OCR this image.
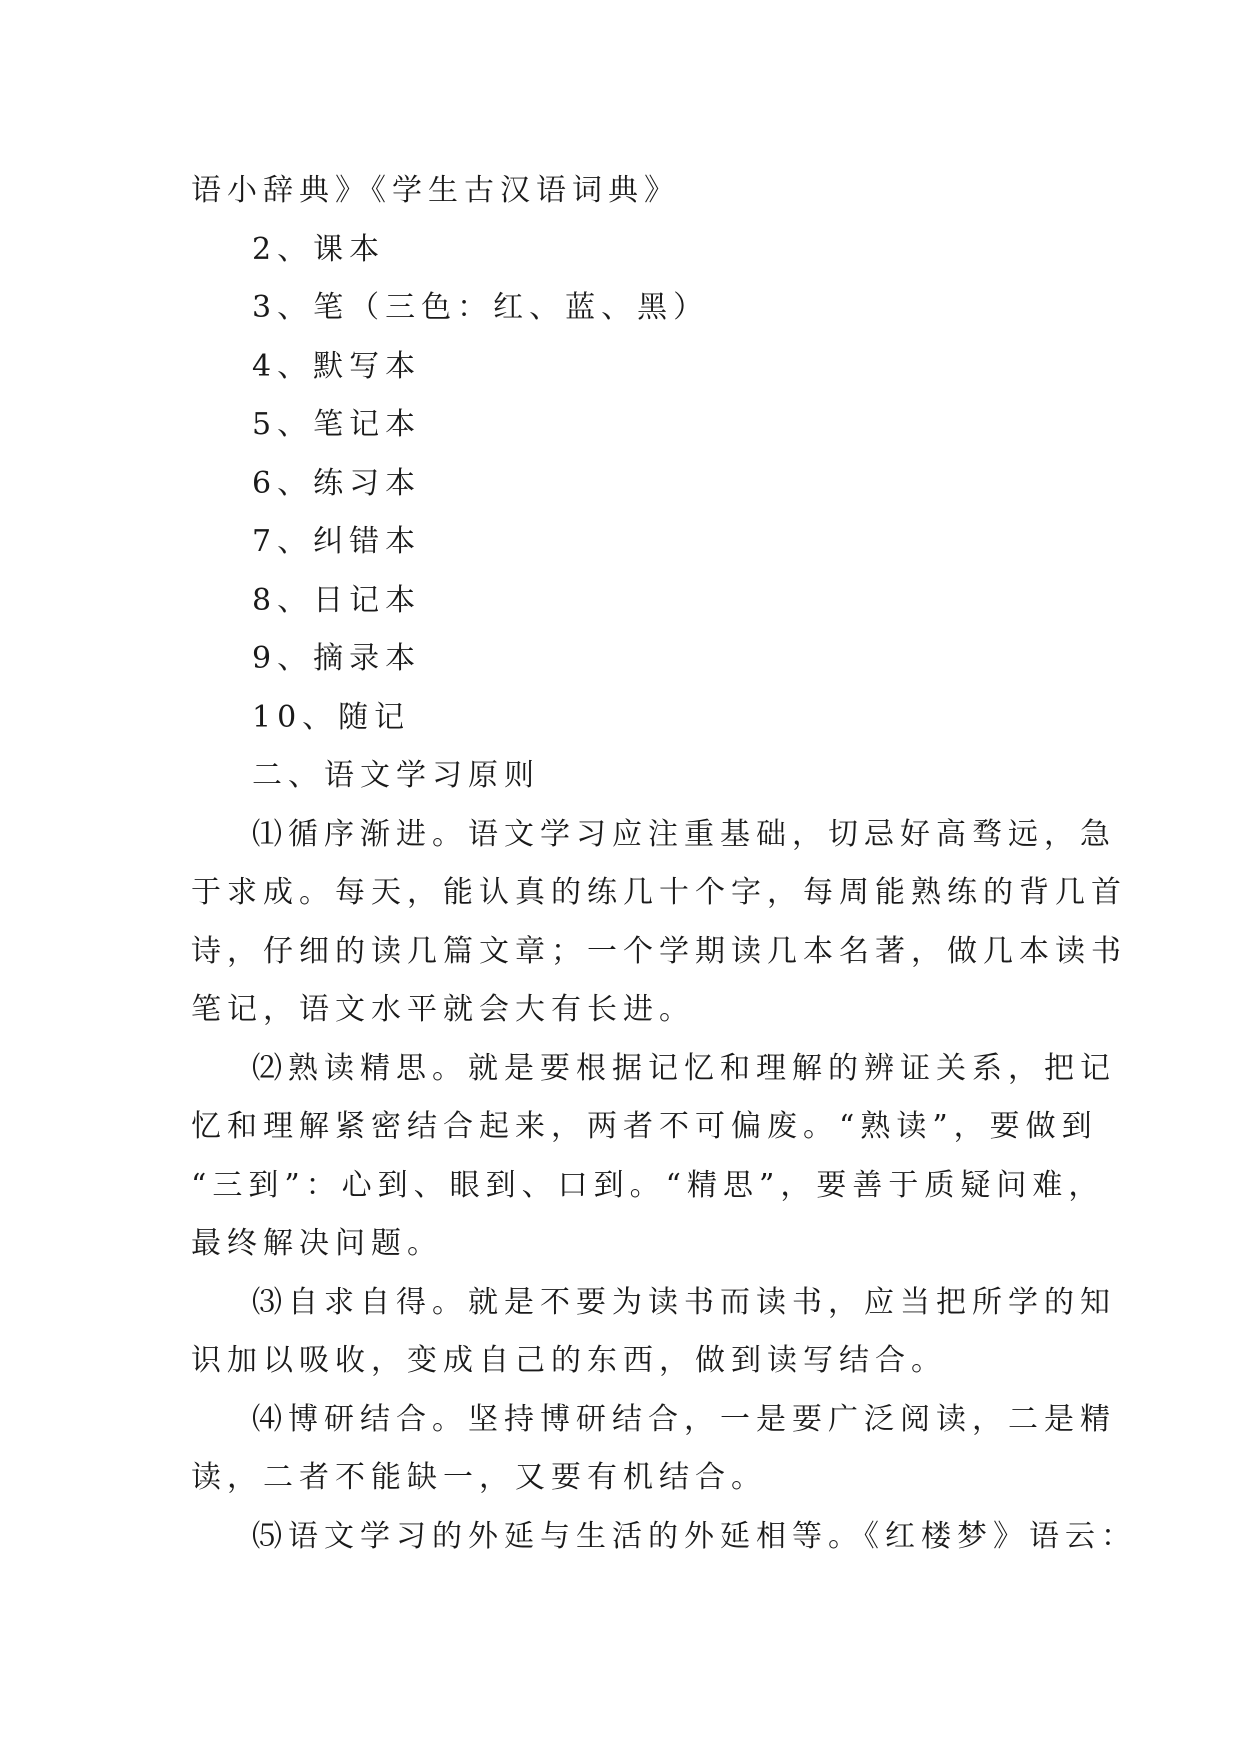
语小辞典》《学生古汉语词典》
2、课本
3、笔（三色：红、蓝、黑）
4、默写本
5、笔记本
6、练习本
7、纠错本
8、日记本
9、摘录本
10、随记
二、语文学习原则
⑴循序渐进。语文学习应注重基础，切忌好高骛远，急
于求成。每天，能认真的练几十个字，每周能熟练的背几首
诗，仔细的读几篇文章；一个学期读几本名著，做几本读书
笔记，语文水平就会大有长进。
⑵熟读精思。就是要根据记忆和理解的辨证关系，把记
忆和理解紧密结合起来，两者不可偏废。“熟读”，要做到
“三到”：心到、眼到、口到。“精思”，要善于质疑问难，
最终解决问题。
⑶自求自得。就是不要为读书而读书，应当把所学的知
识加以吸收，变成自己的东西，做到读写结合。
⑷博研结合。坚持博研结合，一是要广泛阅读，二是精
读，二者不能缺一，又要有机结合。
⑸语文学习的外延与生活的外延相等。《红楼梦》语云：
